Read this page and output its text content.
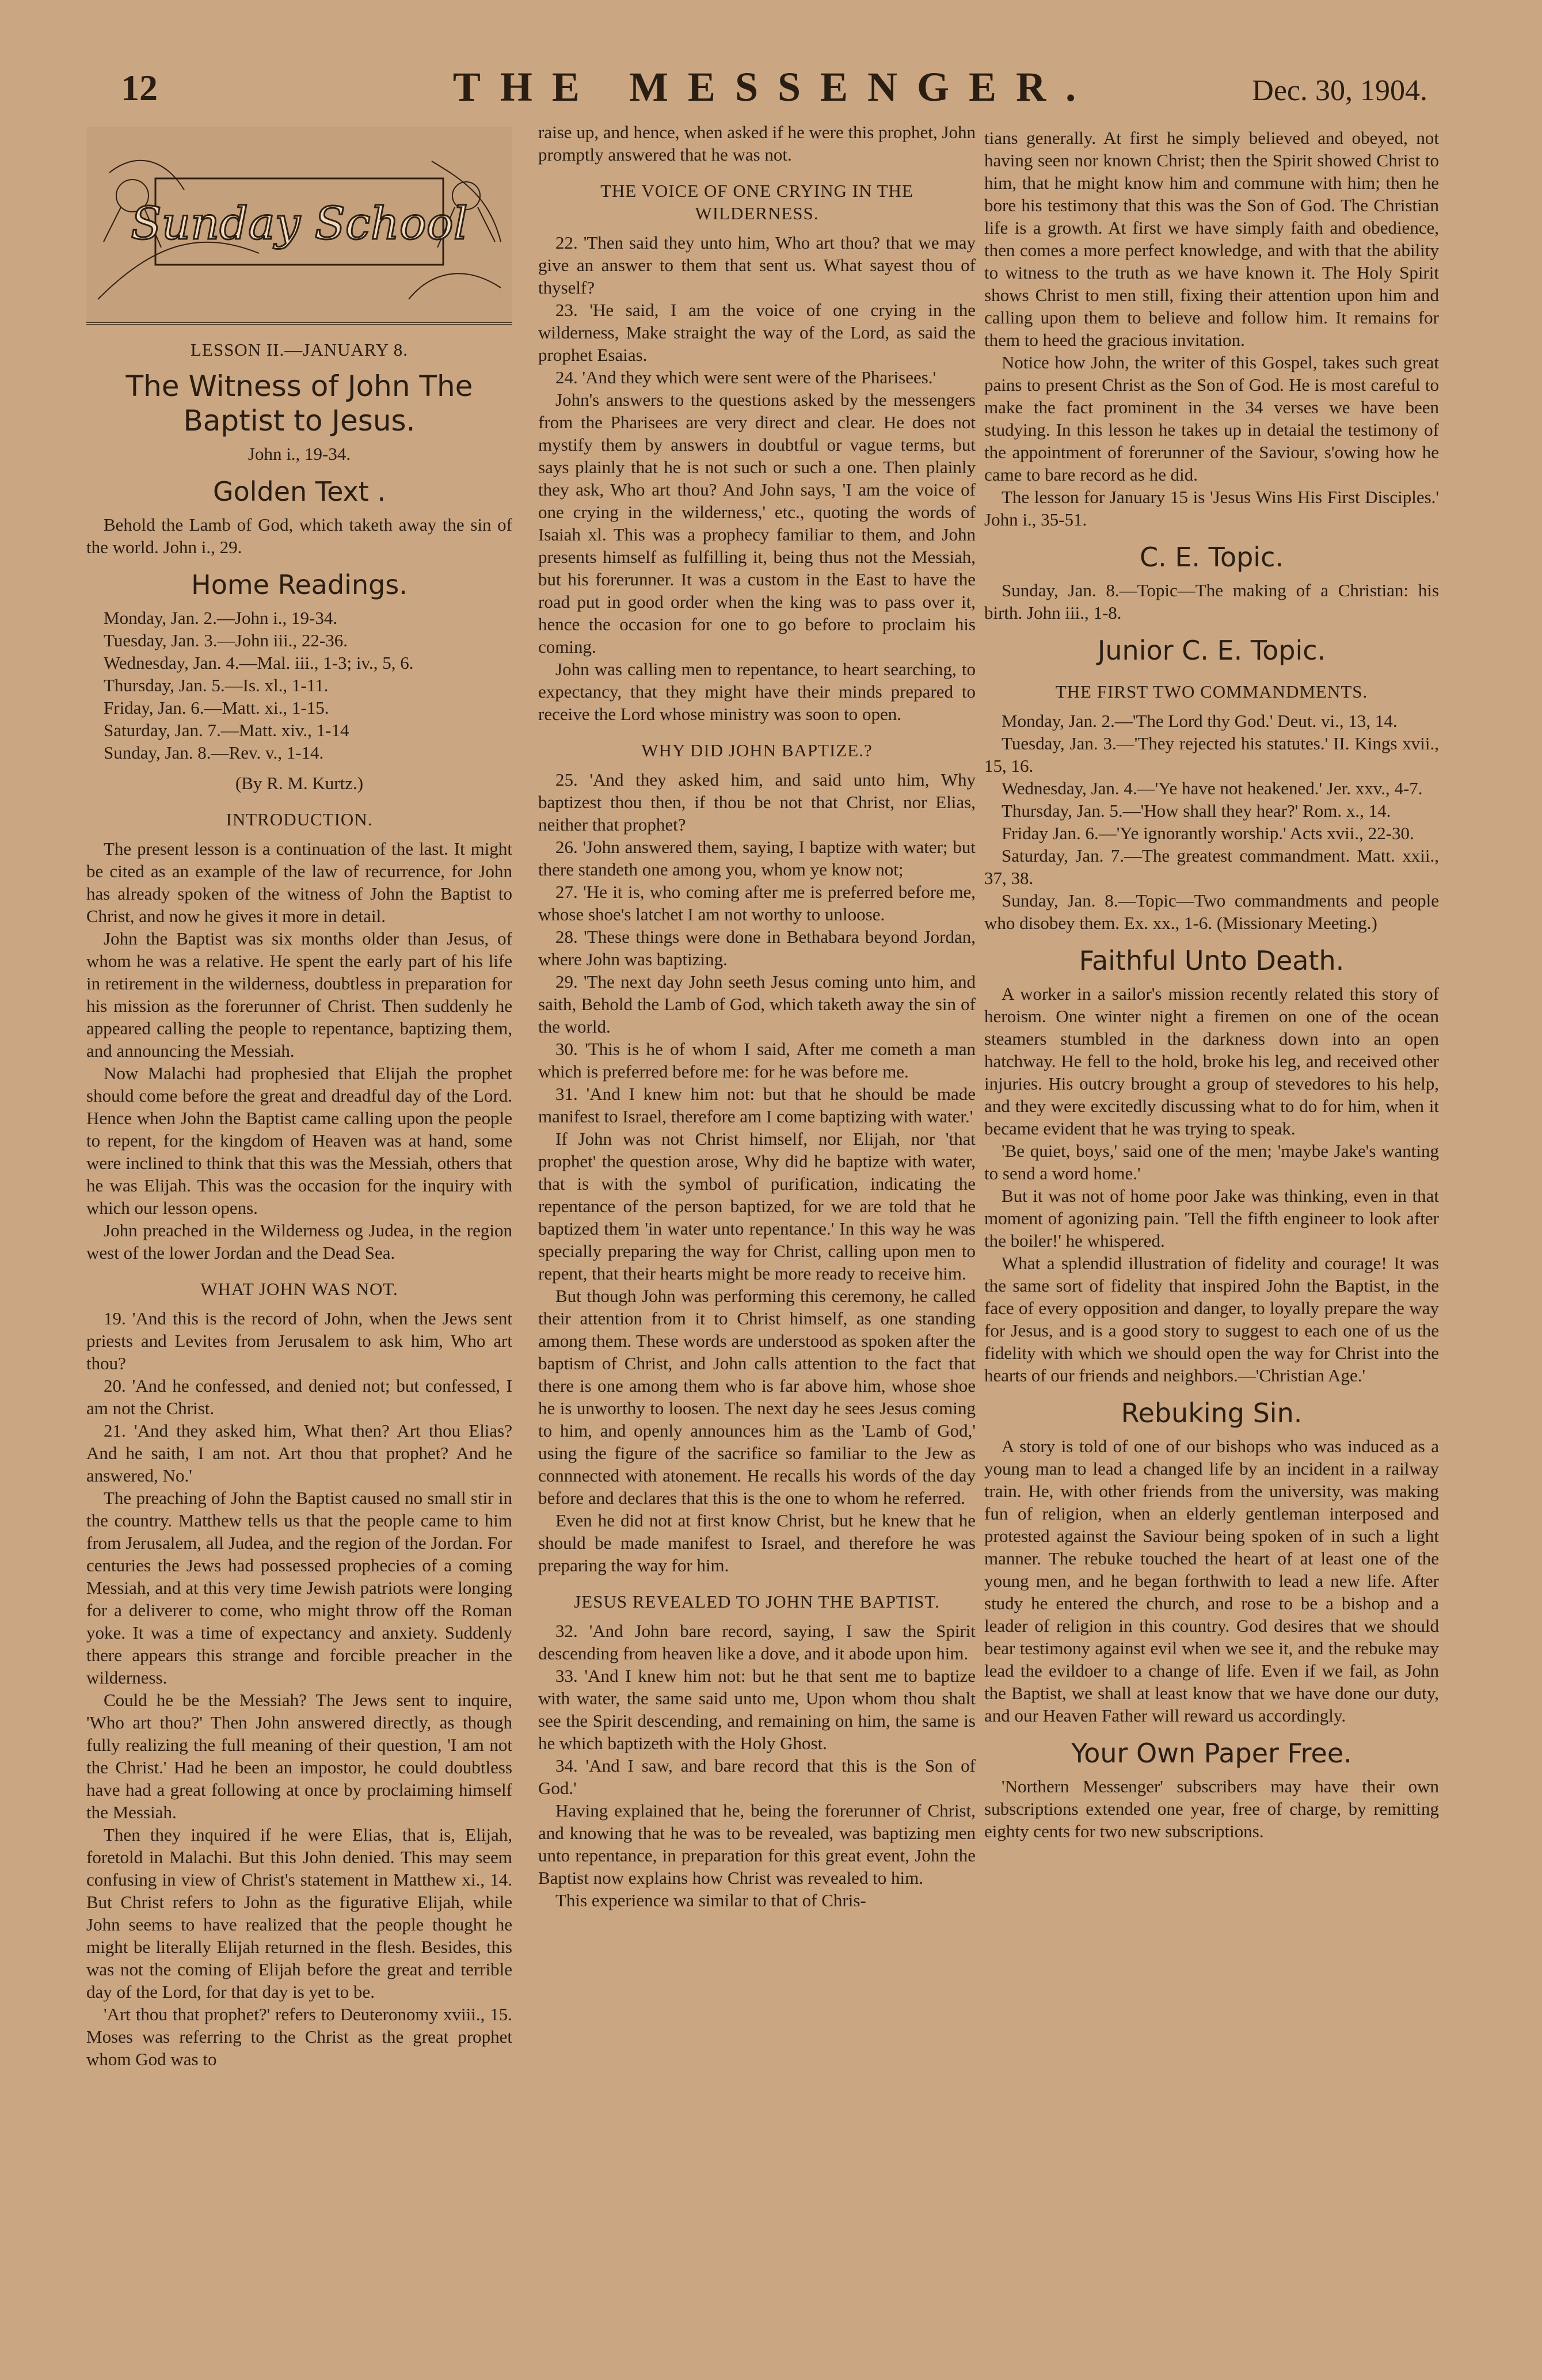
12	THE MESSENGER.	Dec. 30, 1904.
Sunday School
LESSON II.—JANUARY 8.
The Witness of John The Baptist to Jesus.

John i., 19-34.

Golden Text .

Behold the Lamb of God, which taketh away the sin of the world. John i., 29.

Home Readings.

Monday, Jan. 2.—John i., 19-34.

Tuesday, Jan. 3.—John iii., 22-36.

Wednesday, Jan. 4.—Mal. iii., 1-3; iv., 5, 6.

Thursday, Jan. 5.—Is. xl., 1-11.

Friday, Jan. 6.—Matt. xi., 1-15.

Saturday, Jan. 7.—Matt. xiv., 1-14

Sunday, Jan. 8.—Rev. v., 1-14.

(By R. M. Kurtz.)

INTRODUCTION.

The present lesson is a continuation of the last. It might be cited as an example of the law of recurrence, for John has already spoken of the witness of John the Baptist to Christ, and now he gives it more in detail.

John the Baptist was six months older than Jesus, of whom he was a relative. He spent the early part of his life in retirement in the wilderness, doubtless in preparation for his mission as the forerunner of Christ. Then suddenly he appeared calling the people to repentance, baptizing them, and announcing the Messiah.

Now Malachi had prophesied that Elijah the prophet should come before the great and dreadful day of the Lord. Hence when John the Baptist came calling upon the people to repent, for the kingdom of Heaven was at hand, some were inclined to think that this was the Messiah, others that he was Elijah. This was the occasion for the inquiry with which our lesson opens.

John preached in the Wilderness og Judea, in the region west of the lower Jordan and the Dead Sea.

WHAT JOHN WAS NOT.

19. 'And this is the record of John, when the Jews sent priests and Levites from Jerusalem to ask him, Who art thou?

20. 'And he confessed, and denied not; but confessed, I am not the Christ.

21. 'And they asked him, What then? Art thou Elias? And he saith, I am not. Art thou that prophet? And he answered, No.'

The preaching of John the Baptist caused no small stir in the country. Matthew tells us that the people came to him from Jerusalem, all Judea, and the region of the Jordan. For centuries the Jews had possessed prophecies of a coming Messiah, and at this very time Jewish patriots were longing for a deliverer to come, who might throw off the Roman yoke. It was a time of expectancy and anxiety. Suddenly there appears this strange and forcible preacher in the wilderness.

Could he be the Messiah? The Jews sent to inquire, 'Who art thou?' Then John answered directly, as though fully realizing the full meaning of their question, 'I am not the Christ.' Had he been an impostor, he could doubtless have had a great following at once by proclaiming himself the Messiah.

Then they inquired if he were Elias, that is, Elijah, foretold in Malachi. But this John denied. This may seem confusing in view of Christ's statement in Matthew xi., 14. But Christ refers to John as the figurative Elijah, while John seems to have realized that the people thought he might be literally Elijah returned in the flesh. Besides, this was not the coming of Elijah before the great and terrible day of the Lord, for that day is yet to be.

'Art thou that prophet?' refers to Deuteronomy xviii., 15. Moses was referring to the Christ as the great prophet whom God was to

raise up, and hence, when asked if he were this prophet, John promptly answered that he was not.

THE VOICE OF ONE CRYING IN THE WILDERNESS.

22. 'Then said they unto him, Who art thou? that we may give an answer to them that sent us. What sayest thou of thyself?

23. 'He said, I am the voice of one crying in the wilderness, Make straight the way of the Lord, as said the prophet Esaias.

24. 'And they which were sent were of the Pharisees.'

John's answers to the questions asked by the messengers from the Pharisees are very direct and clear. He does not mystify them by answers in doubtful or vague terms, but says plainly that he is not such or such a one. Then plainly they ask, Who art thou? And John says, 'I am the voice of one crying in the wilderness,' etc., quoting the words of Isaiah xl. This was a prophecy familiar to them, and John presents himself as fulfilling it, being thus not the Messiah, but his forerunner. It was a custom in the East to have the road put in good order when the king was to pass over it, hence the occasion for one to go before to proclaim his coming.

John was calling men to repentance, to heart searching, to expectancy, that they might have their minds prepared to receive the Lord whose ministry was soon to open.

WHY DID JOHN BAPTIZE.?

25. 'And they asked him, and said unto him, Why baptizest thou then, if thou be not that Christ, nor Elias, neither that prophet?

26. 'John answered them, saying, I baptize with water; but there standeth one among you, whom ye know not;

27. 'He it is, who coming after me is preferred before me, whose shoe's latchet I am not worthy to unloose.

28. 'These things were done in Bethabara beyond Jordan, where John was baptizing.

29. 'The next day John seeth Jesus coming unto him, and saith, Behold the Lamb of God, which taketh away the sin of the world.

30. 'This is he of whom I said, After me cometh a man which is preferred before me: for he was before me.

31. 'And I knew him not: but that he should be made manifest to Israel, therefore am I come baptizing with water.'

If John was not Christ himself, nor Elijah, nor 'that prophet' the question arose, Why did he baptize with water, that is with the symbol of purification, indicating the repentance of the person baptized, for we are told that he baptized them 'in water unto repentance.' In this way he was specially preparing the way for Christ, calling upon men to repent, that their hearts might be more ready to receive him.

But though John was performing this ceremony, he called their attention from it to Christ himself, as one standing among them. These words are understood as spoken after the baptism of Christ, and John calls attention to the fact that there is one among them who is far above him, whose shoe he is unworthy to loosen. The next day he sees Jesus coming to him, and openly announces him as the 'Lamb of God,' using the figure of the sacrifice so familiar to the Jew as connnected with atonement. He recalls his words of the day before and declares that this is the one to whom he referred.

Even he did not at first know Christ, but he knew that he should be made manifest to Israel, and therefore he was preparing the way for him.

JESUS REVEALED TO JOHN THE BAPTIST.

32. 'And John bare record, saying, I saw the Spirit descending from heaven like a dove, and it abode upon him.

33. 'And I knew him not: but he that sent me to baptize with water, the same said unto me, Upon whom thou shalt see the Spirit descending, and remaining on him, the same is he which baptizeth with the Holy Ghost.

34. 'And I saw, and bare record that this is the Son of God.'

Having explained that he, being the forerunner of Christ, and knowing that he was to be revealed, was baptizing men unto repentance, in preparation for this great event, John the Baptist now explains how Christ was revealed to him.

This experience wa similar to that of Chris-

tians generally. At first he simply believed and obeyed, not having seen nor known Christ; then the Spirit showed Christ to him, that he might know him and commune with him; then he bore his testimony that this was the Son of God. The Christian life is a growth. At first we have simply faith and obedience, then comes a more perfect knowledge, and with that the ability to witness to the truth as we have known it. The Holy Spirit shows Christ to men still, fixing their attention upon him and calling upon them to believe and follow him. It remains for them to heed the gracious invitation.

Notice how John, the writer of this Gospel, takes such great pains to present Christ as the Son of God. He is most careful to make the fact prominent in the 34 verses we have been studying. In this lesson he takes up in detaial the testimony of the appointment of forerunner of the Saviour, s'owing how he came to bare record as he did.

The lesson for January 15 is 'Jesus Wins His First Disciples.' John i., 35-51.

C. E. Topic.

Sunday, Jan. 8.—Topic—The making of a Christian: his birth. John iii., 1-8.

Junior C. E. Topic.
THE FIRST TWO COMMANDMENTS.

Monday, Jan. 2.—'The Lord thy God.' Deut. vi., 13, 14.

Tuesday, Jan. 3.—'They rejected his statutes.' II. Kings xvii., 15, 16.

Wednesday, Jan. 4.—'Ye have not heakened.' Jer. xxv., 4-7.

Thursday, Jan. 5.—'How shall they hear?' Rom. x., 14.

Friday Jan. 6.—'Ye ignorantly worship.' Acts xvii., 22-30.

Saturday, Jan. 7.—The greatest commandment. Matt. xxii., 37, 38.

Sunday, Jan. 8.—Topic—Two commandments and people who disobey them. Ex. xx., 1-6. (Missionary Meeting.)

Faithful Unto Death.

A worker in a sailor's mission recently related this story of heroism. One winter night a firemen on one of the ocean steamers stumbled in the darkness down into an open hatchway. He fell to the hold, broke his leg, and received other injuries. His outcry brought a group of stevedores to his help, and they were excitedly discussing what to do for him, when it became evident that he was trying to speak.

'Be quiet, boys,' said one of the men; 'maybe Jake's wanting to send a word home.'

But it was not of home poor Jake was thinking, even in that moment of agonizing pain. 'Tell the fifth engineer to look after the boiler!' he whispered.

What a splendid illustration of fidelity and courage! It was the same sort of fidelity that inspired John the Baptist, in the face of every opposition and danger, to loyally prepare the way for Jesus, and is a good story to suggest to each one of us the fidelity with which we should open the way for Christ into the hearts of our friends and neighbors.—'Christian Age.'

Rebuking Sin.

A story is told of one of our bishops who was induced as a young man to lead a changed life by an incident in a railway train. He, with other friends from the university, was making fun of religion, when an elderly gentleman interposed and protested against the Saviour being spoken of in such a light manner. The rebuke touched the heart of at least one of the young men, and he began forthwith to lead a new life. After study he entered the church, and rose to be a bishop and a leader of religion in this country. God desires that we should bear testimony against evil when we see it, and the rebuke may lead the evildoer to a change of life. Even if we fail, as John the Baptist, we shall at least know that we have done our duty, and our Heaven Father will reward us accordingly.

Your Own Paper Free.

'Northern Messenger' subscribers may have their own subscriptions extended one year, free of charge, by remitting eighty cents for two new subscriptions.
